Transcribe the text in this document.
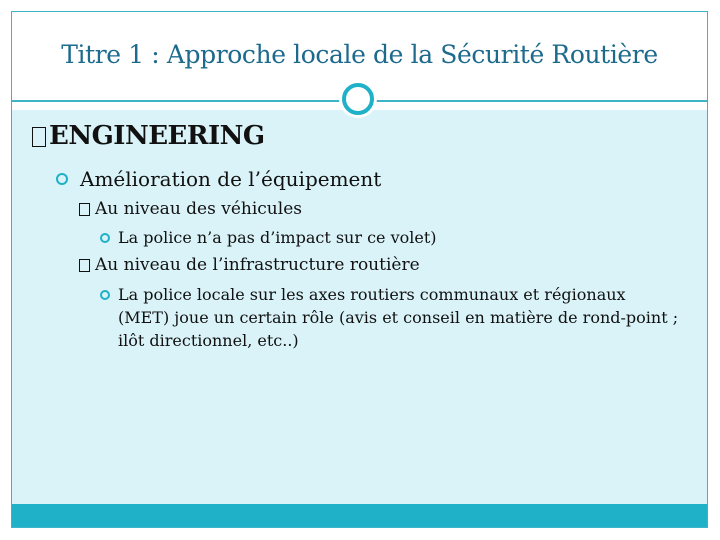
Titre 1 : Approche locale de la Sécurité Routière
ENGINEERING
Amélioration de l’équipement
Au niveau des véhicules
La police n’a pas d’impact sur ce volet)
Au niveau de l’infrastructure routière
La police locale sur les axes routiers communaux et régionaux (MET) joue un certain rôle (avis et conseil en matière de rond-point ; ilôt directionnel, etc..)
